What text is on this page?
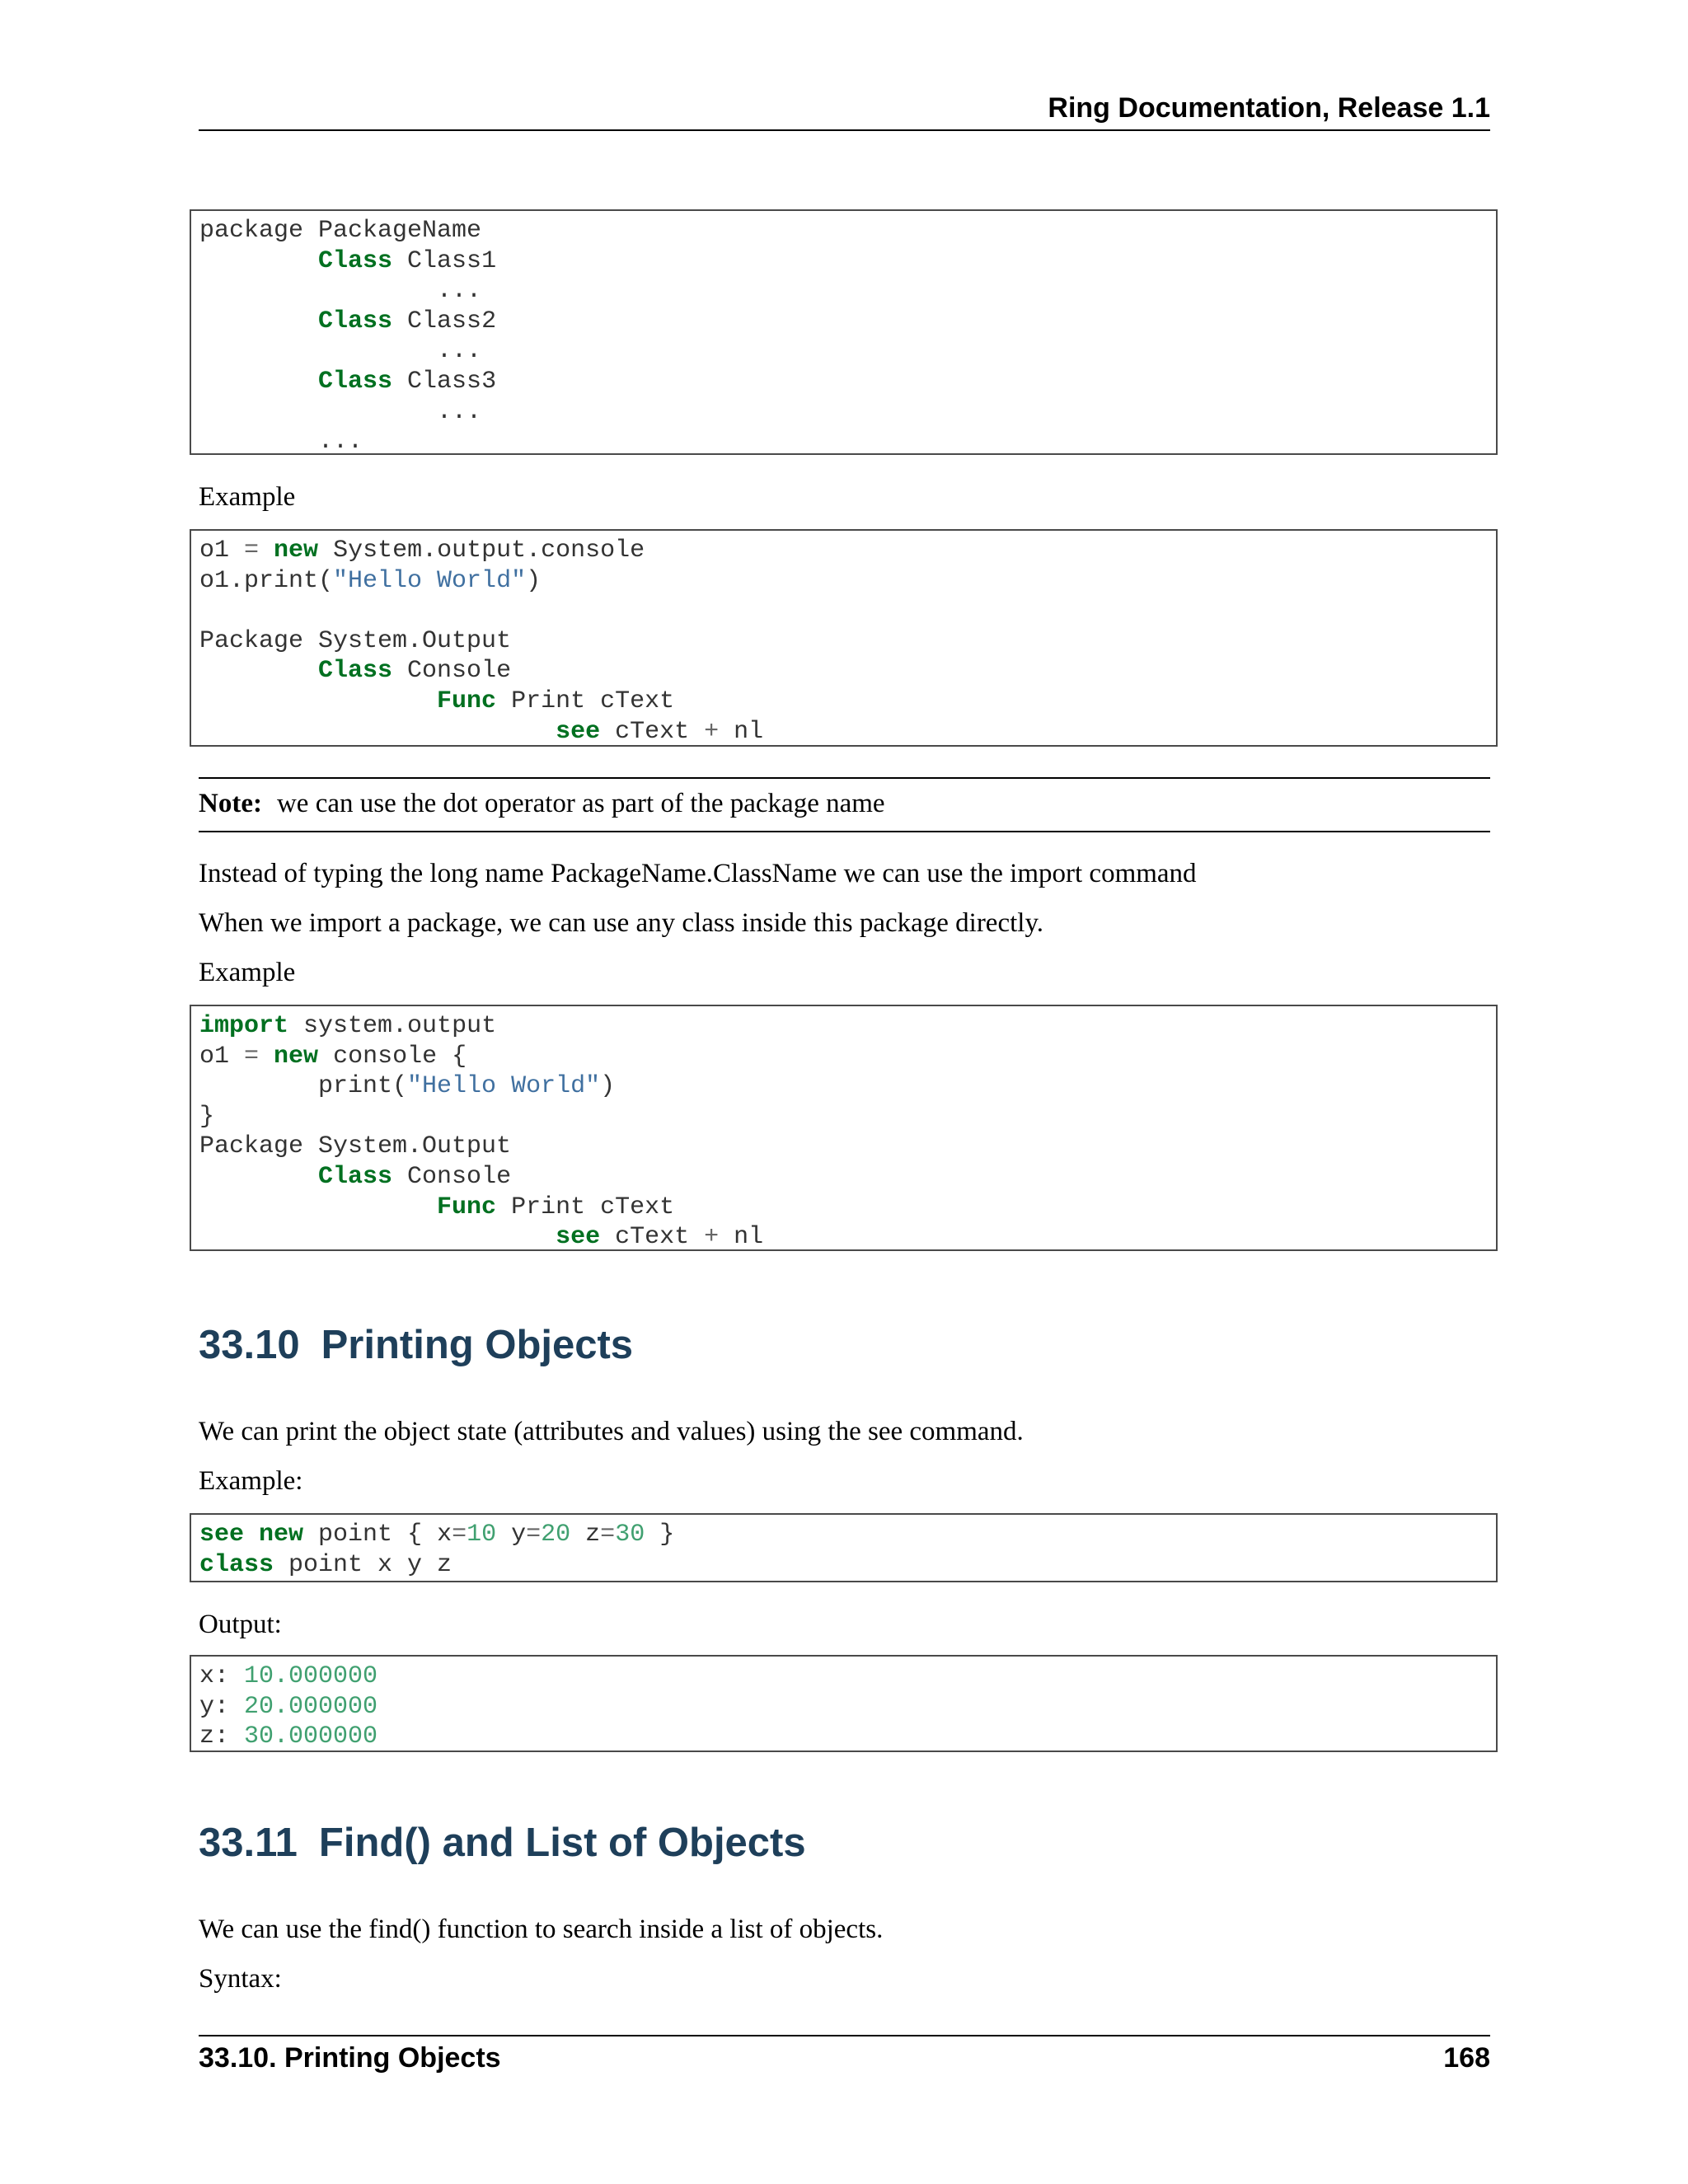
Ring Documentation, Release 1.1
package PackageName
Class Class1
...
Class Class2
...
Class Class3
...
...
Example
o1 = new System.output.console
o1.print("Hello World")

Package System.Output
Class Console
Func Print cText
see cText + nl
Note: we can use the dot operator as part of the package name
Instead of typing the long name PackageName.ClassName we can use the import command
When we import a package, we can use any class inside this package directly.
Example
import system.output
o1 = new console {
print("Hello World")
}
Package System.Output
Class Console
Func Print cText
see cText + nl
33.10 Printing Objects
We can print the object state (attributes and values) using the see command.
Example:
see new point { x=10 y=20 z=30 }
class point x y z
Output:
x: 10.000000
y: 20.000000
z: 30.000000
33.11 Find() and List of Objects
We can use the find() function to search inside a list of objects.
Syntax:
33.10. Printing Objects	168
